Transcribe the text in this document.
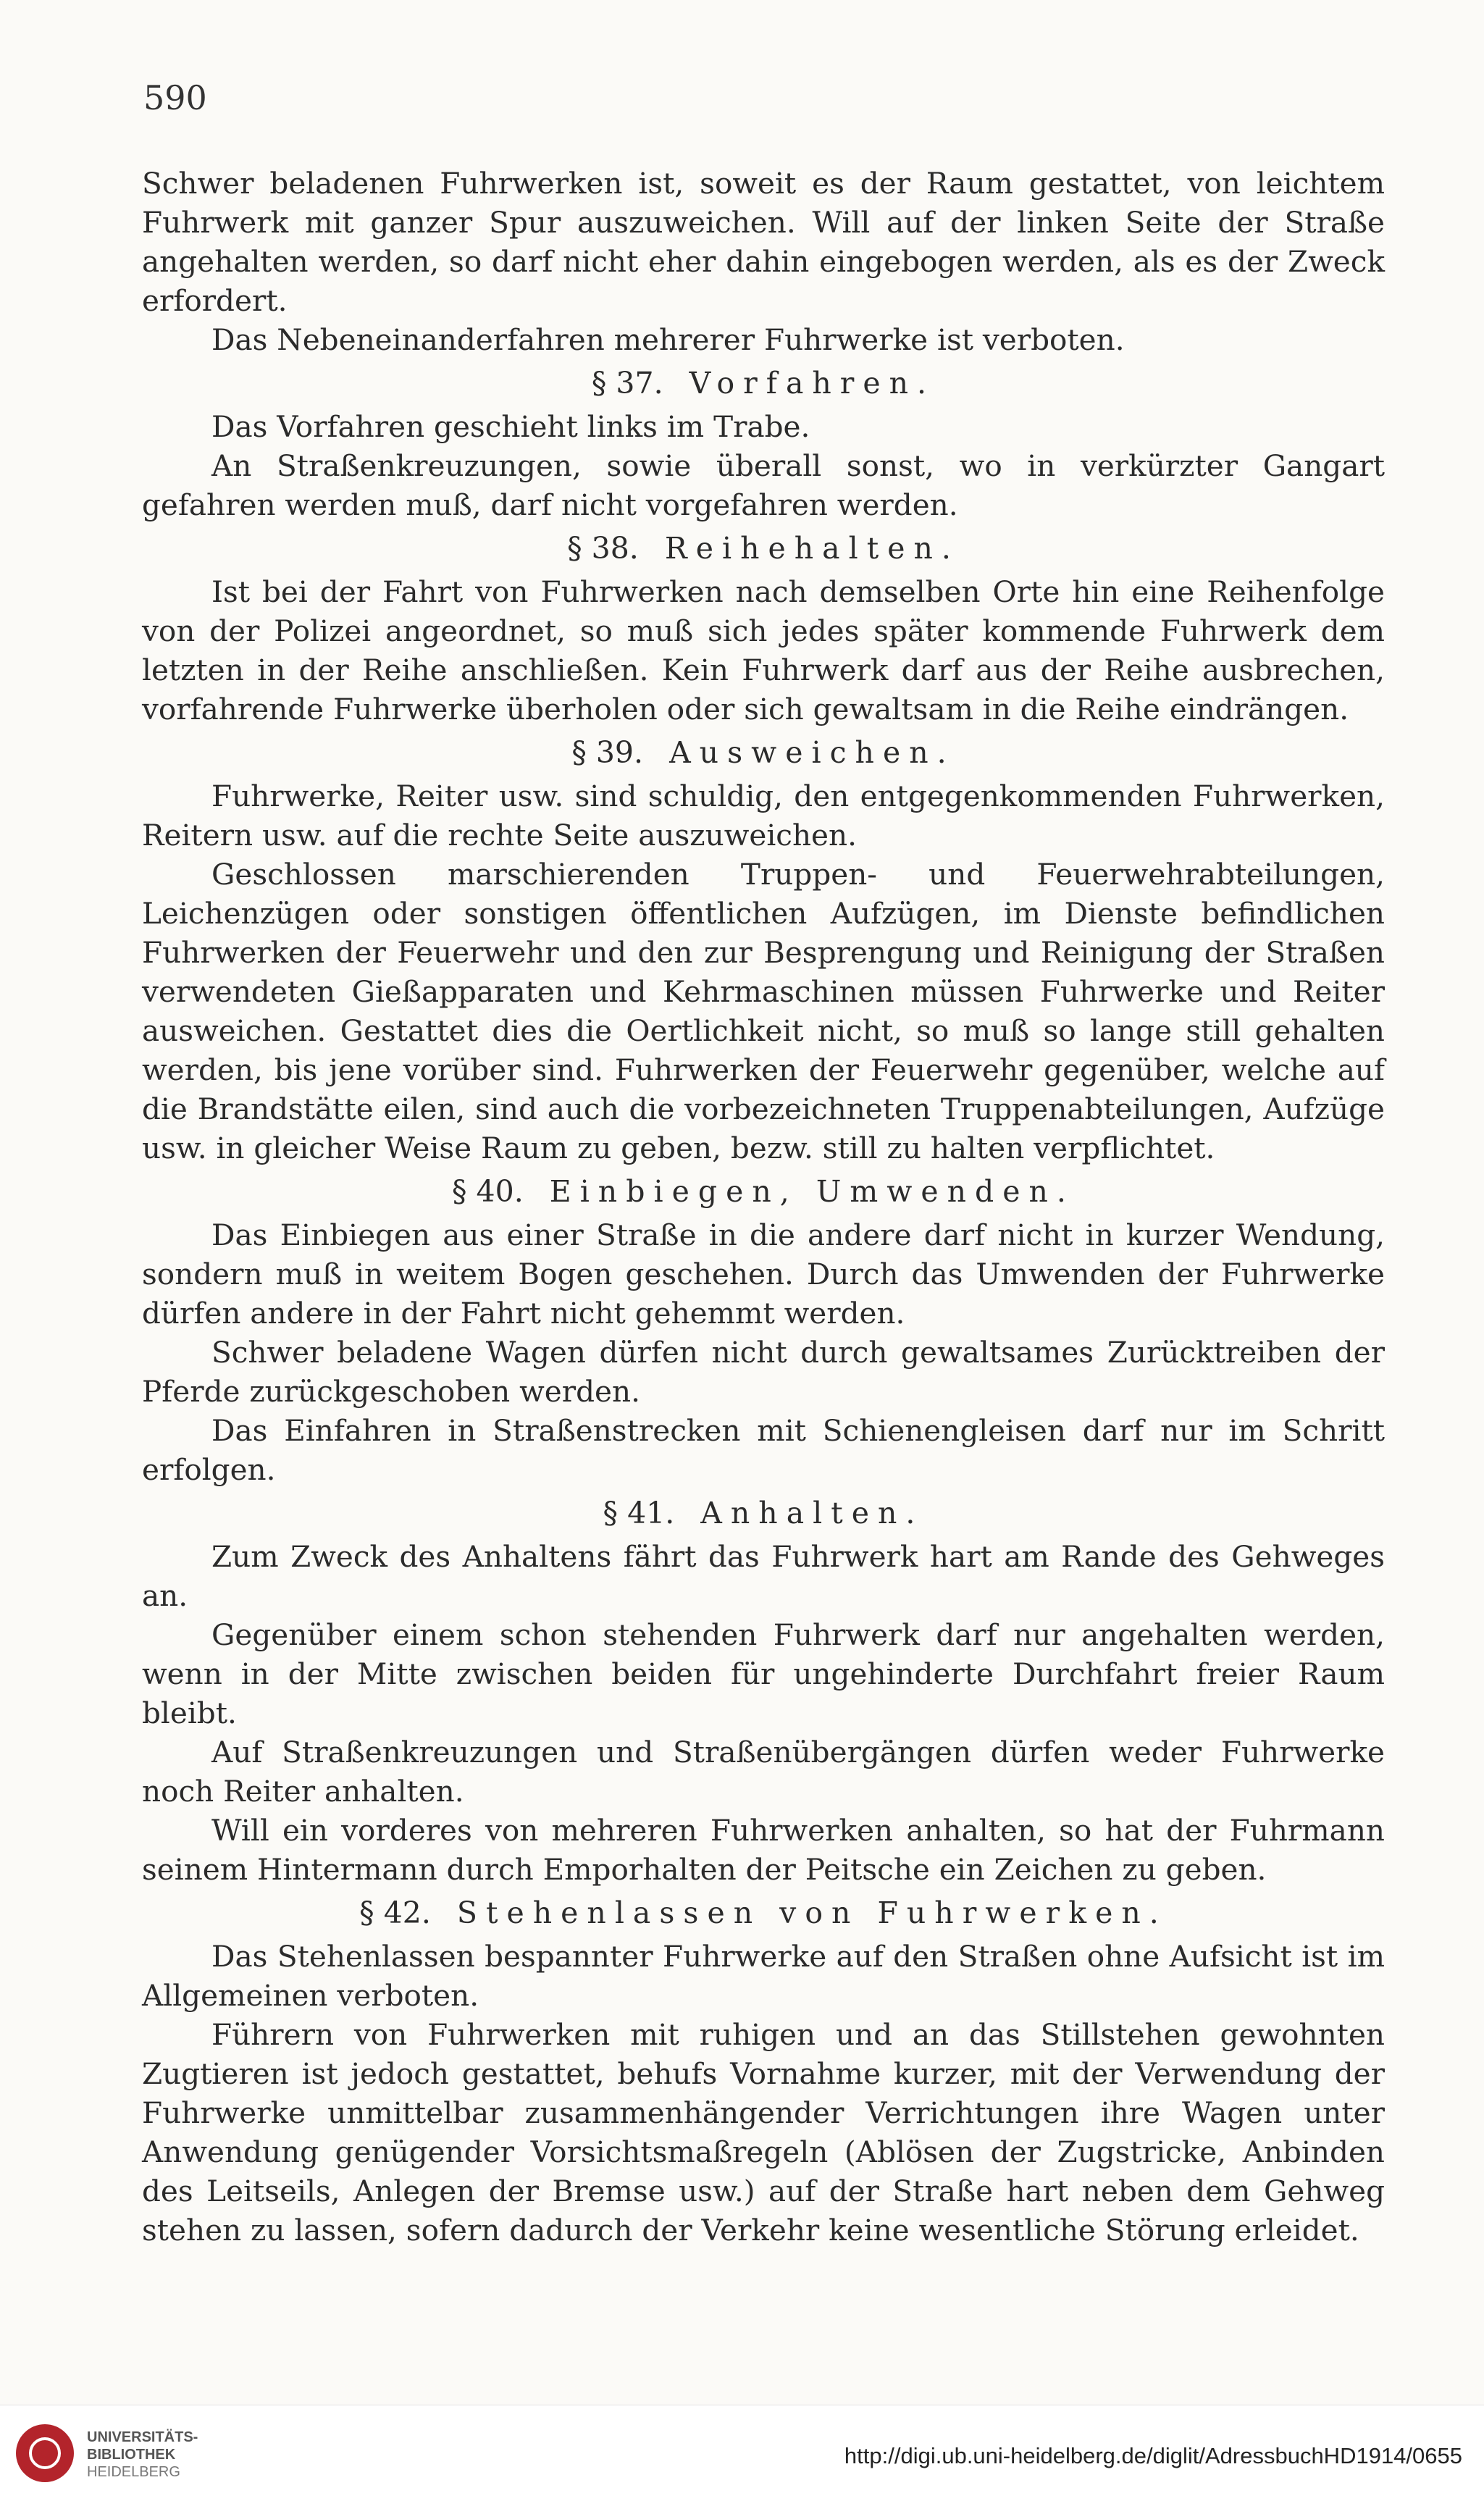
590

Schwer beladenen Fuhrwerken ist, soweit es der Raum gestattet, von leichtem Fuhrwerk mit ganzer Spur auszuweichen. Will auf der linken Seite der Straße angehalten werden, so darf nicht eher dahin eingebogen werden, als es der Zweck erfordert.

Das Nebeneinanderfahren mehrerer Fuhrwerke ist verboten.

§ 37. Vorfahren.

Das Vorfahren geschieht links im Trabe.

An Straßenkreuzungen, sowie überall sonst, wo in verkürzter Gangart gefahren werden muß, darf nicht vorgefahren werden.

§ 38. Reihehalten.

Ist bei der Fahrt von Fuhrwerken nach demselben Orte hin eine Reihenfolge von der Polizei angeordnet, so muß sich jedes später kommende Fuhrwerk dem letzten in der Reihe anschließen. Kein Fuhrwerk darf aus der Reihe ausbrechen, vorfahrende Fuhrwerke überholen oder sich gewaltsam in die Reihe eindrängen.

§ 39. Ausweichen.

Fuhrwerke, Reiter usw. sind schuldig, den entgegenkommenden Fuhrwerken, Reitern usw. auf die rechte Seite auszuweichen.

Geschlossen marschierenden Truppen- und Feuerwehrabteilungen, Leichenzügen oder sonstigen öffentlichen Aufzügen, im Dienste befindlichen Fuhrwerken der Feuerwehr und den zur Besprengung und Reinigung der Straßen verwendeten Gießapparaten und Kehrmaschinen müssen Fuhrwerke und Reiter ausweichen. Gestattet dies die Oertlichkeit nicht, so muß so lange still gehalten werden, bis jene vorüber sind. Fuhrwerken der Feuerwehr gegenüber, welche auf die Brandstätte eilen, sind auch die vorbezeichneten Truppenabteilungen, Aufzüge usw. in gleicher Weise Raum zu geben, bezw. still zu halten verpflichtet.

§ 40. Einbiegen, Umwenden.

Das Einbiegen aus einer Straße in die andere darf nicht in kurzer Wendung, sondern muß in weitem Bogen geschehen. Durch das Umwenden der Fuhrwerke dürfen andere in der Fahrt nicht gehemmt werden.

Schwer beladene Wagen dürfen nicht durch gewaltsames Zurücktreiben der Pferde zurückgeschoben werden.

Das Einfahren in Straßenstrecken mit Schienengleisen darf nur im Schritt erfolgen.

§ 41. Anhalten.

Zum Zweck des Anhaltens fährt das Fuhrwerk hart am Rande des Gehweges an.

Gegenüber einem schon stehenden Fuhrwerk darf nur angehalten werden, wenn in der Mitte zwischen beiden für ungehinderte Durchfahrt freier Raum bleibt.

Auf Straßenkreuzungen und Straßenübergängen dürfen weder Fuhrwerke noch Reiter anhalten.

Will ein vorderes von mehreren Fuhrwerken anhalten, so hat der Fuhrmann seinem Hintermann durch Emporhalten der Peitsche ein Zeichen zu geben.

§ 42. Stehenlassen von Fuhrwerken.

Das Stehenlassen bespannter Fuhrwerke auf den Straßen ohne Aufsicht ist im Allgemeinen verboten.

Führern von Fuhrwerken mit ruhigen und an das Stillstehen gewohnten Zugtieren ist jedoch gestattet, behufs Vornahme kurzer, mit der Verwendung der Fuhrwerke unmittelbar zusammenhängender Verrichtungen ihre Wagen unter Anwendung genügender Vorsichtsmaßregeln (Ablösen der Zugstricke, Anbinden des Leitseils, Anlegen der Bremse usw.) auf der Straße hart neben dem Gehweg stehen zu lassen, sofern dadurch der Verkehr keine wesentliche Störung erleidet.

UNIVERSITÄTS-
BIBLIOTHEK
HEIDELBERG
http://digi.ub.uni-heidelberg.de/diglit/AdressbuchHD1914/0655
